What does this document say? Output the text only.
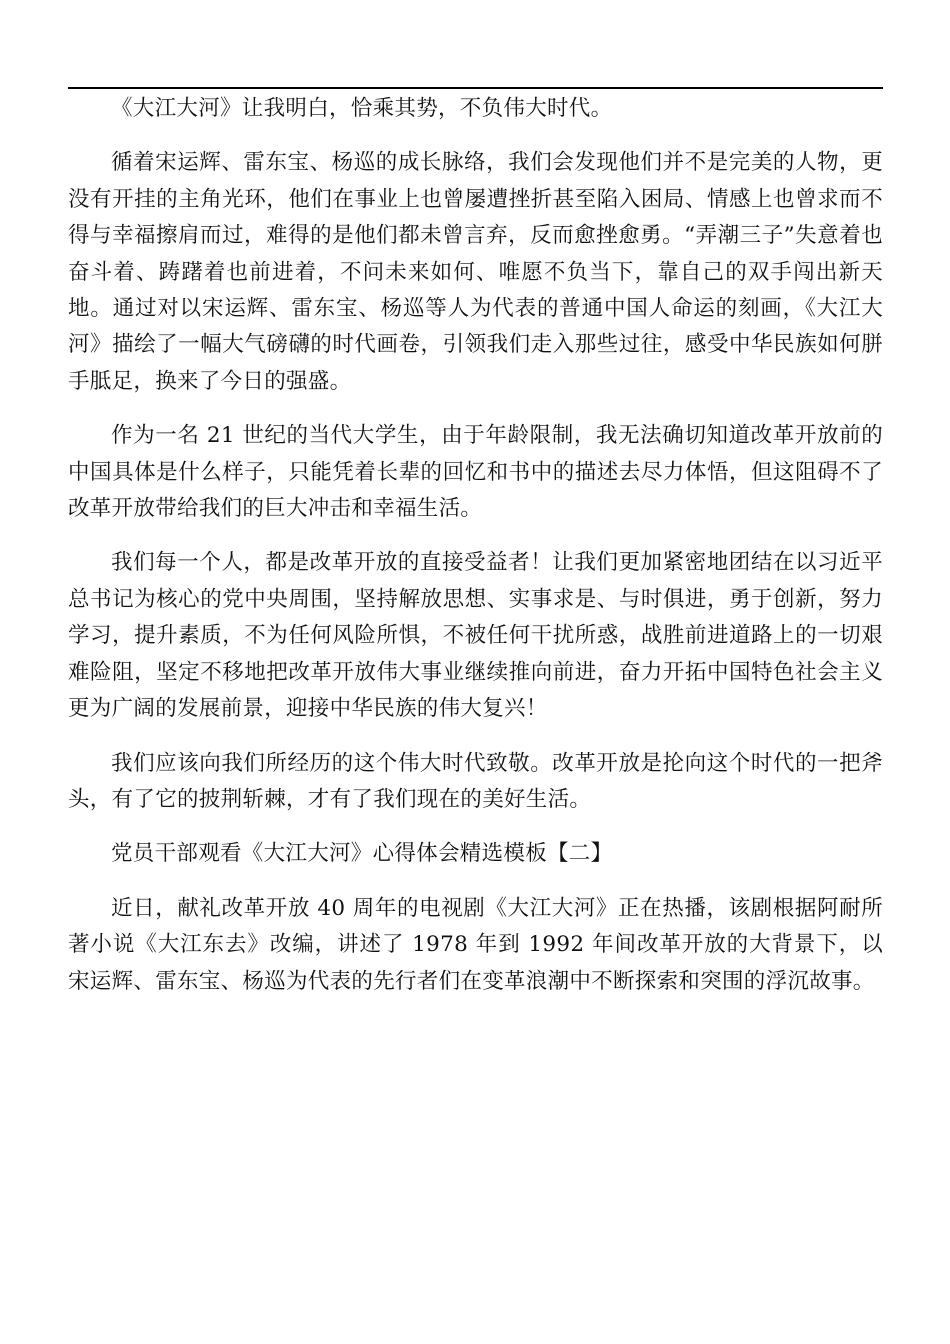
《大江大河》让我明白，恰乘其势，不负伟大时代。

循着宋运辉、雷东宝、杨巡的成长脉络，我们会发现他们并不是完美的人物，更没有开挂的主角光环，他们在事业上也曾屡遭挫折甚至陷入困局、情感上也曾求而不得与幸福擦肩而过，难得的是他们都未曾言弃，反而愈挫愈勇。“弄潮三子”失意着也奋斗着、踌躇着也前进着，不问未来如何、唯愿不负当下，靠自己的双手闯出新天地。通过对以宋运辉、雷东宝、杨巡等人为代表的普通中国人命运的刻画，《大江大河》描绘了一幅大气磅礴的时代画卷，引领我们走入那些过往，感受中华民族如何胼手胝足，换来了今日的强盛。

作为一名 21 世纪的当代大学生，由于年龄限制，我无法确切知道改革开放前的中国具体是什么样子，只能凭着长辈的回忆和书中的描述去尽力体悟，但这阻碍不了改革开放带给我们的巨大冲击和幸福生活。

我们每一个人，都是改革开放的直接受益者！让我们更加紧密地团结在以习近平总书记为核心的党中央周围，坚持解放思想、实事求是、与时俱进，勇于创新，努力学习，提升素质，不为任何风险所惧，不被任何干扰所惑，战胜前进道路上的一切艰难险阻，坚定不移地把改革开放伟大事业继续推向前进，奋力开拓中国特色社会主义更为广阔的发展前景，迎接中华民族的伟大复兴！

我们应该向我们所经历的这个伟大时代致敬。改革开放是抡向这个时代的一把斧头，有了它的披荆斩棘，才有了我们现在的美好生活。

党员干部观看《大江大河》心得体会精选模板【二】

近日，献礼改革开放 40 周年的电视剧《大江大河》正在热播，该剧根据阿耐所著小说《大江东去》改编，讲述了 1978 年到 1992 年间改革开放的大背景下，以宋运辉、雷东宝、杨巡为代表的先行者们在变革浪潮中不断探索和突围的浮沉故事。
